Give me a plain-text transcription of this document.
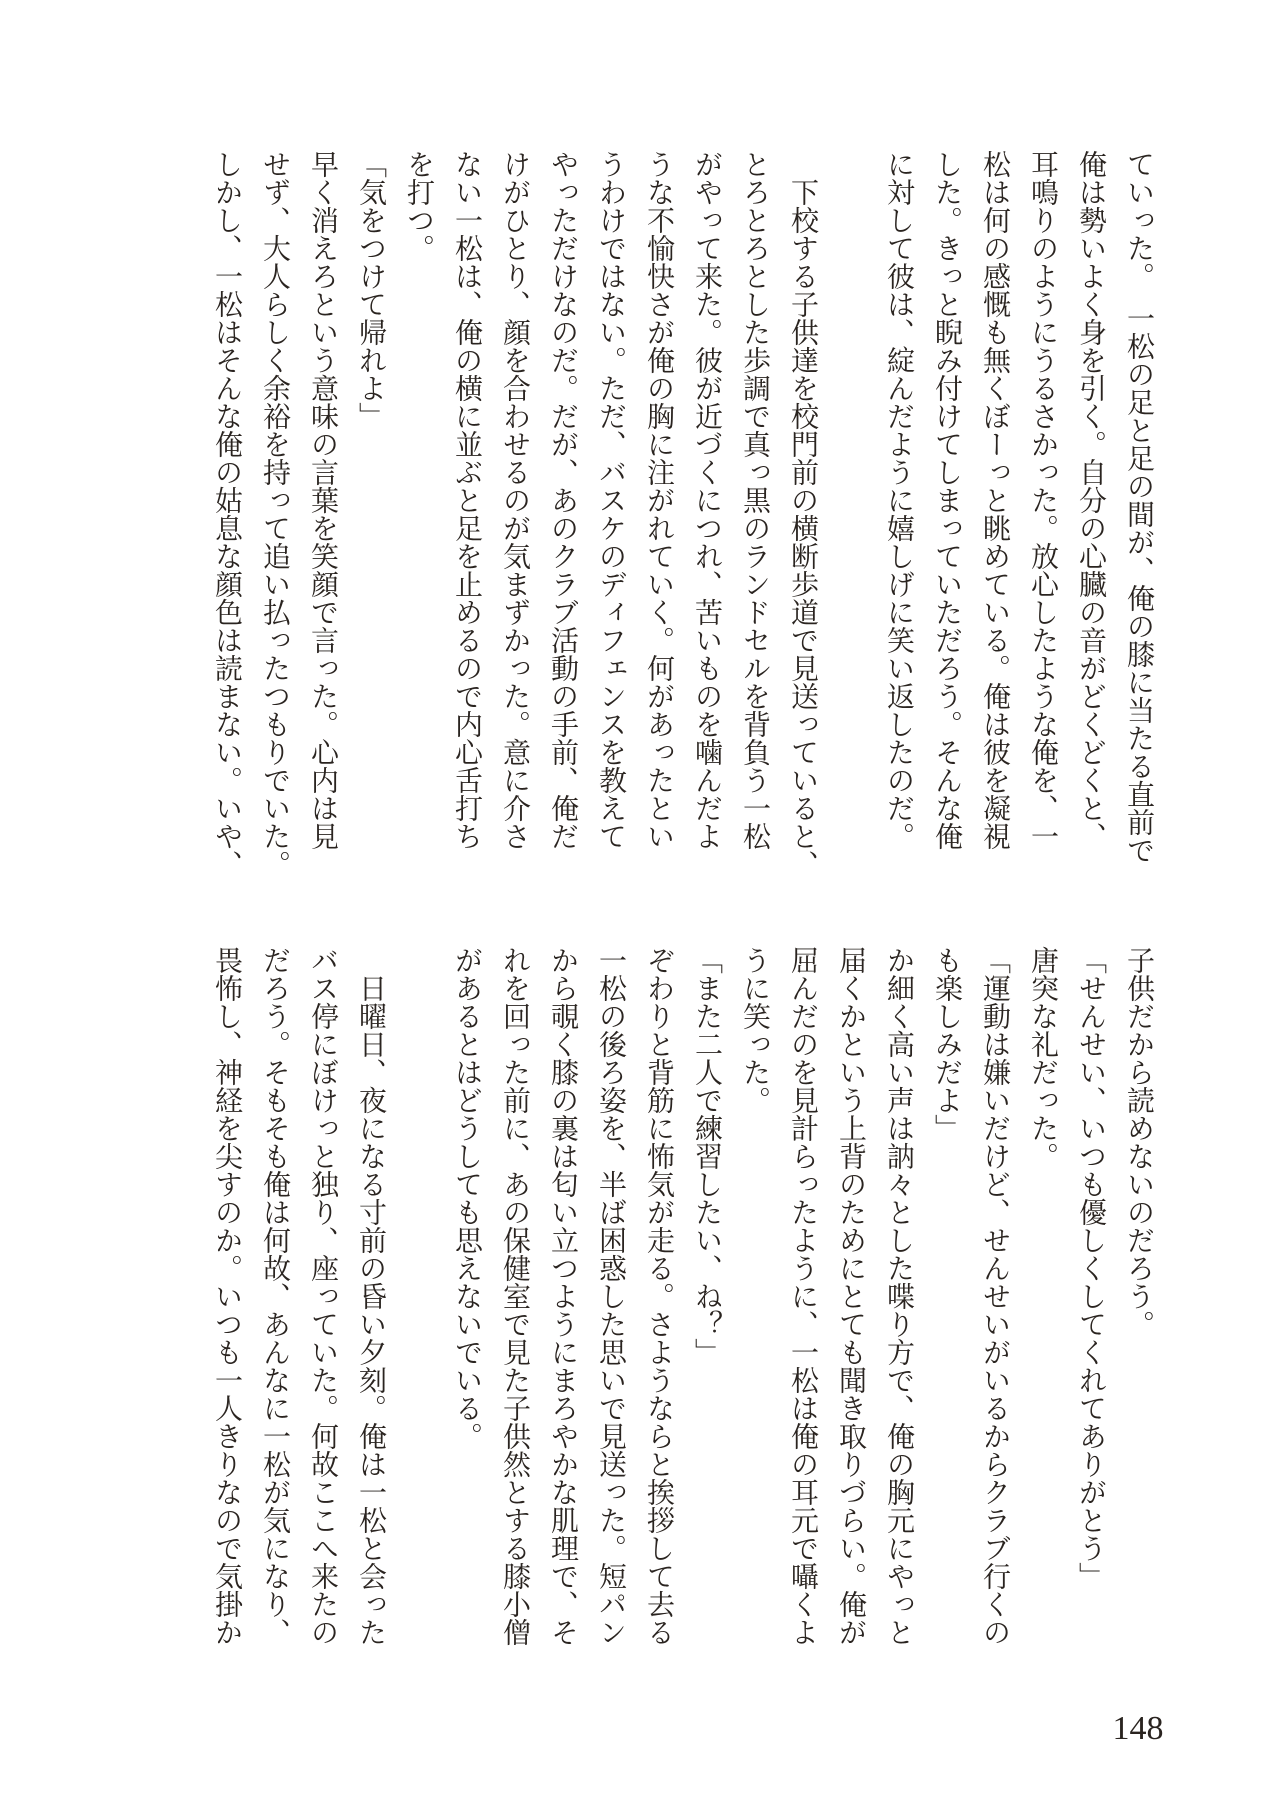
ていった。　一松の足と足の間が、俺の膝に当たる直前で

俺は勢いよく身を引く。自分の心臓の音がどくどくと、

耳鳴りのようにうるさかった。放心したような俺を、一

松は何の感慨も無くぼーっと眺めている。俺は彼を凝視

した。きっと睨み付けてしまっていただろう。そんな俺

に対して彼は、綻んだように嬉しげに笑い返したのだ。

　下校する子供達を校門前の横断歩道で見送っていると、

とろとろとした歩調で真っ黒のランドセルを背負う一松

がやって来た。彼が近づくにつれ、苦いものを噛んだよ

うな不愉快さが俺の胸に注がれていく。何があったとい

うわけではない。ただ、バスケのディフェンスを教えて

やっただけなのだ。だが、あのクラブ活動の手前、俺だ

けがひとり、顔を合わせるのが気まずかった。意に介さ

ない一松は、俺の横に並ぶと足を止めるので内心舌打ち

を打つ。

「気をつけて帰れよ」

早く消えろという意味の言葉を笑顔で言った。心内は見

せず、大人らしく余裕を持って追い払ったつもりでいた。

しかし、一松はそんな俺の姑息な顔色は読まない。いや、

子供だから読めないのだろう。

「せんせい、いつも優しくしてくれてありがとう」

唐突な礼だった。

「運動は嫌いだけど、せんせいがいるからクラブ行くの

も楽しみだよ」

か細く高い声は訥々とした喋り方で、俺の胸元にやっと

届くかという上背のためにとても聞き取りづらい。俺が

屈んだのを見計らったように、一松は俺の耳元で囁くよ

うに笑った。

「また二人で練習したい、ね？」

ぞわりと背筋に怖気が走る。さようならと挨拶して去る

一松の後ろ姿を、半ば困惑した思いで見送った。短パン

から覗く膝の裏は匂い立つようにまろやかな肌理で、そ

れを回った前に、あの保健室で見た子供然とする膝小僧

があるとはどうしても思えないでいる。

　日曜日、夜になる寸前の昏い夕刻。俺は一松と会った

バス停にぼけっと独り、座っていた。何故ここへ来たの

だろう。そもそも俺は何故、あんなに一松が気になり、

畏怖し、神経を尖すのか。いつも一人きりなので気掛か

148
